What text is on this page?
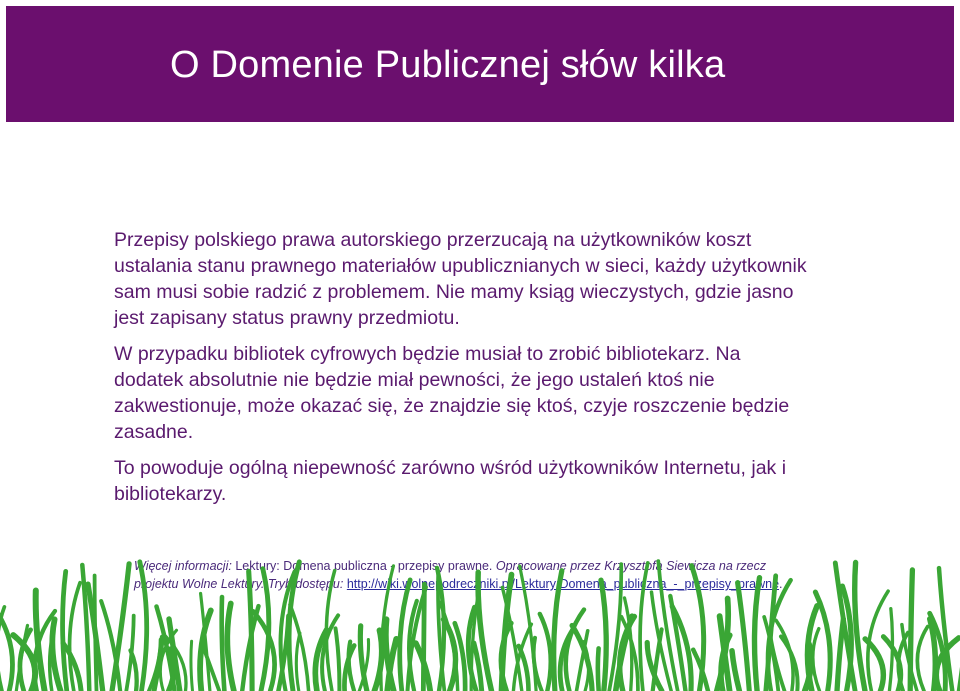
O Domenie Publicznej słów kilka

Przepisy polskiego prawa autorskiego przerzucają na użytkowników koszt ustalania stanu prawnego materiałów upublicznianych w sieci, każdy użytkownik sam musi sobie radzić z problemem. Nie mamy ksiąg wieczystych, gdzie jasno jest zapisany status prawny przedmiotu.

W przypadku bibliotek cyfrowych będzie musiał to zrobić bibliotekarz. Na dodatek absolutnie nie będzie miał pewności, że jego ustaleń ktoś nie zakwestionuje, może okazać się, że znajdzie się ktoś, czyje roszczenie będzie zasadne.

To powoduje ogólną niepewność zarówno wśród użytkowników Internetu, jak i bibliotekarzy.

Więcej informacji: Lektury: Domena publiczna - przepisy prawne. Opracowane przez Krzysztofa Siewicza na rzecz projektu Wolne Lektury. Tryb dostępu: http://wiki.wolnepodreczniki.pl/Lektury:Domena_publiczna_-_przepisy_prawne.
